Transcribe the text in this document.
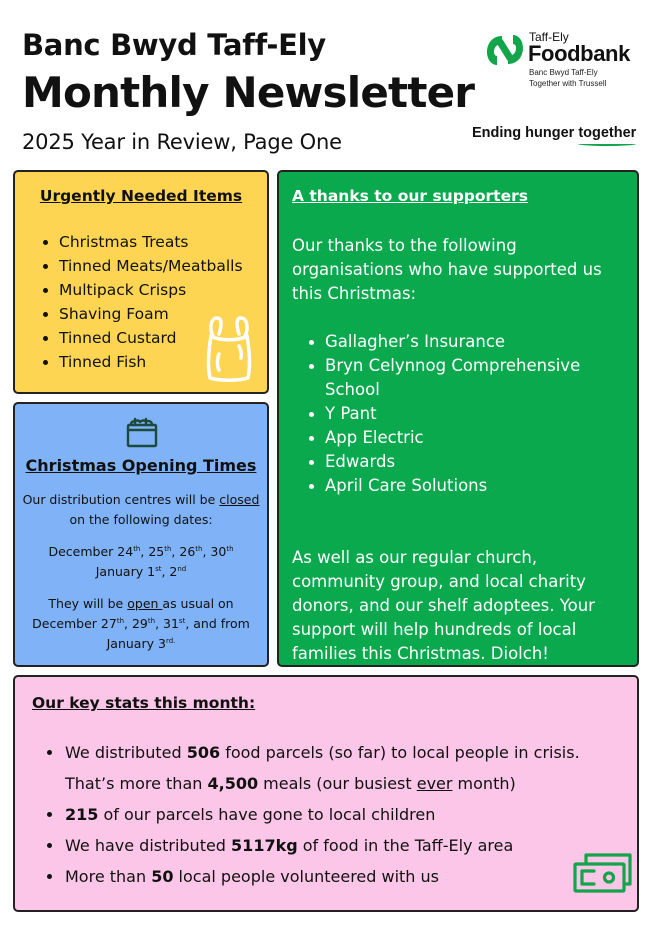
Banc Bwyd Taff-Ely
Monthly Newsletter
2025 Year in Review, Page One
Taff-Ely
Foodbank
Banc Bwyd Taff-Ely
Together with Trussell
Ending hunger together
Urgently Needed Items
Christmas Treats
Tinned Meats/Meatballs
Multipack Crisps
Shaving Foam
Tinned Custard
Tinned Fish
Christmas Opening Times
Our distribution centres will be closed
on the following dates:
December 24th, 25th, 26th, 30th
January 1st, 2nd
They will be open as usual on
December 27th, 29th, 31st, and from
January $3^{rd.}$
A thanks to our supporters
Our thanks to the following organisations who have supported us this Christmas:
Gallagher’s Insurance
Bryn Celynnog Comprehensive School
Y Pant
App Electric
Edwards
April Care Solutions
As well as our regular church, community group, and local charity donors, and our shelf adoptees. Your support will help hundreds of local families this Christmas. Diolch!
Our key stats this month:
We distributed 506 food parcels (so far) to local people in crisis.
That’s more than 4,500 meals (our busiest ever month)
215 of our parcels have gone to local children
We have distributed 5117kg of food in the Taff-Ely area
More than 50 local people volunteered with us
